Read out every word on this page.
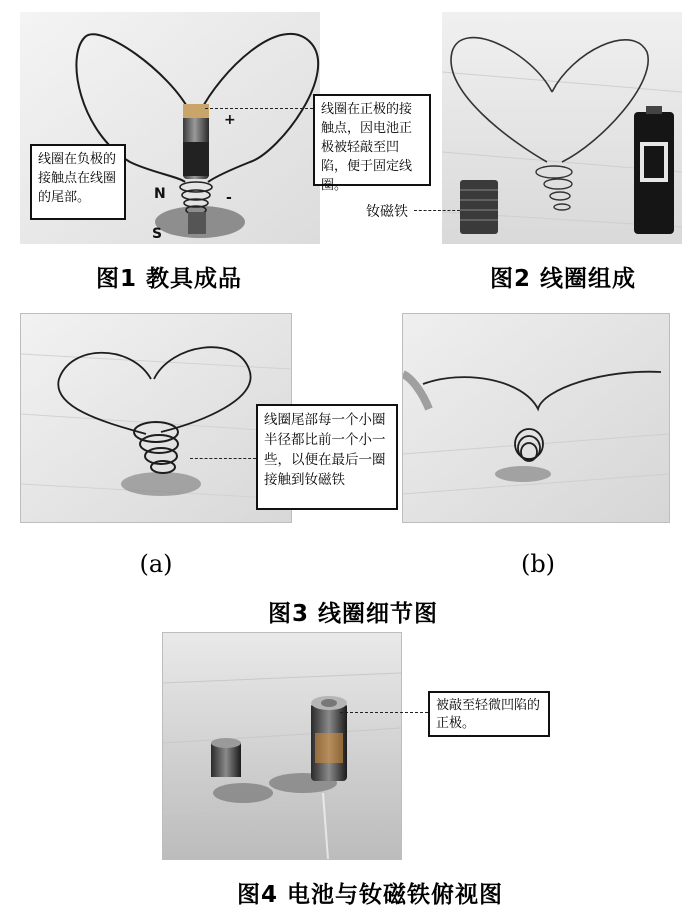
+
-
N
S
线圈在正极的接触点，因电池正极被轻敲至凹陷，便于固定线圈。
线圈在负极的接触点在线圈的尾部。
图1 教具成品
钕磁铁
图2 线圈组成
线圈尾部每一个小圈半径都比前一个小一些，以便在最后一圈接触到钕磁铁
(a)	(b)
图3 线圈细节图
被敲至轻微凹陷的正极。
图4 电池与钕磁铁俯视图
